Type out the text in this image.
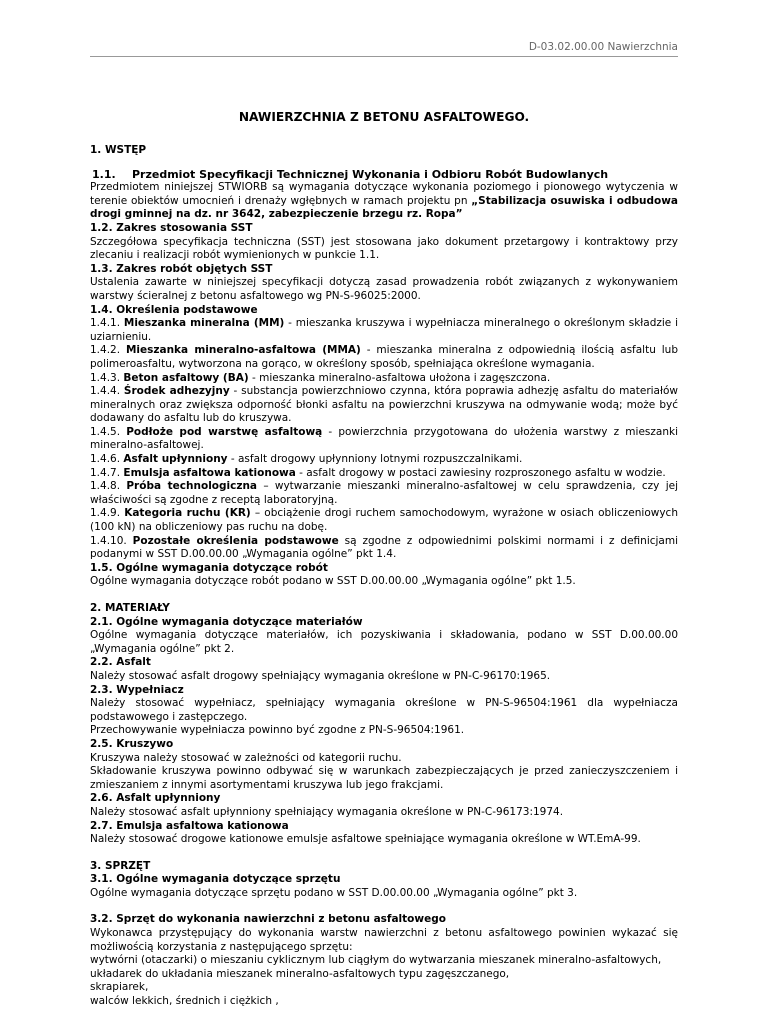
D-03.02.00.00 Nawierzchnia
NAWIERZCHNIA Z BETONU ASFALTOWEGO.

1. WSTĘP

1.1. Przedmiot Specyfikacji Technicznej Wykonania i Odbioru Robót Budowlanych

Przedmiotem niniejszej STWIORB są wymagania dotyczące wykonania poziomego i pionowego wytyczenia w terenie obiektów umocnień i drenaży wgłębnych w ramach projektu pn „Stabilizacja osuwiska i odbudowa drogi gminnej na dz. nr 3642, zabezpieczenie brzegu rz. Ropa”

1.2. Zakres stosowania SST

Szczegółowa specyfikacja techniczna (SST) jest stosowana jako dokument przetargowy i kontraktowy przy zlecaniu i realizacji robót wymienionych w punkcie 1.1.

1.3. Zakres robót objętych SST

Ustalenia zawarte w niniejszej specyfikacji dotyczą zasad prowadzenia robót związanych z wykonywaniem warstwy ścieralnej z betonu asfaltowego wg PN-S-96025:2000.

1.4. Określenia podstawowe

1.4.1. Mieszanka mineralna (MM) - mieszanka kruszywa i wypełniacza mineralnego o określonym składzie i uziarnieniu.

1.4.2. Mieszanka mineralno-asfaltowa (MMA) - mieszanka mineralna z odpowiednią ilością asfaltu lub polimeroasfaltu, wytworzona na gorąco, w określony sposób, spełniająca określone wymagania.

1.4.3. Beton asfaltowy (BA) - mieszanka mineralno-asfaltowa ułożona i zagęszczona.

1.4.4. Środek adhezyjny - substancja powierzchniowo czynna, która poprawia adhezję asfaltu do materiałów mineralnych oraz zwiększa odporność błonki asfaltu na powierzchni kruszywa na odmywanie wodą; może być dodawany do asfaltu lub do kruszywa.

1.4.5. Podłoże pod warstwę asfaltową - powierzchnia przygotowana do ułożenia warstwy z mieszanki mineralno-asfaltowej.

1.4.6. Asfalt upłynniony - asfalt drogowy upłynniony lotnymi rozpuszczalnikami.

1.4.7. Emulsja asfaltowa kationowa - asfalt drogowy w postaci zawiesiny rozproszonego asfaltu w wodzie.

1.4.8. Próba technologiczna – wytwarzanie mieszanki mineralno-asfaltowej w celu sprawdzenia, czy jej właściwości są zgodne z receptą laboratoryjną.

1.4.9. Kategoria ruchu (KR) – obciążenie drogi ruchem samochodowym, wyrażone w osiach obliczeniowych (100 kN) na obliczeniowy pas ruchu na dobę.

1.4.10. Pozostałe określenia podstawowe są zgodne z odpowiednimi polskimi normami i z definicjami podanymi w SST D.00.00.00 „Wymagania ogólne” pkt 1.4.

1.5. Ogólne wymagania dotyczące robót

Ogólne wymagania dotyczące robót podano w SST D.00.00.00 „Wymagania ogólne” pkt 1.5.

2. MATERIAŁY

2.1. Ogólne wymagania dotyczące materiałów

Ogólne wymagania dotyczące materiałów, ich pozyskiwania i składowania, podano w SST D.00.00.00 „Wymagania ogólne” pkt 2.

2.2. Asfalt

Należy stosować asfalt drogowy spełniający wymagania określone w PN-C-96170:1965.

2.3. Wypełniacz

Należy stosować wypełniacz, spełniający wymagania określone w PN-S-96504:1961 dla wypełniacza podstawowego i zastępczego.

Przechowywanie wypełniacza powinno być zgodne z PN-S-96504:1961.

2.5. Kruszywo

Kruszywa należy stosować w zależności od kategorii ruchu.

Składowanie kruszywa powinno odbywać się w warunkach zabezpieczających je przed zanieczyszczeniem i zmieszaniem z innymi asortymentami kruszywa lub jego frakcjami.

2.6. Asfalt upłynniony

Należy stosować asfalt upłynniony spełniający wymagania określone w PN-C-96173:1974.

2.7. Emulsja asfaltowa kationowa

Należy stosować drogowe kationowe emulsje asfaltowe spełniające wymagania określone w WT.EmA-99.

3. SPRZĘT

3.1. Ogólne wymagania dotyczące sprzętu

Ogólne wymagania dotyczące sprzętu podano w SST D.00.00.00 „Wymagania ogólne” pkt 3.

3.2. Sprzęt do wykonania nawierzchni z betonu asfaltowego

Wykonawca przystępujący do wykonania warstw nawierzchni z betonu asfaltowego powinien wykazać się możliwością korzystania z następującego sprzętu:

wytwórni (otaczarki) o mieszaniu cyklicznym lub ciągłym do wytwarzania mieszanek mineralno-asfaltowych,

układarek do układania mieszanek mineralno-asfaltowych typu zagęszczanego,

skrapiarek,

walców lekkich, średnich i ciężkich ,
